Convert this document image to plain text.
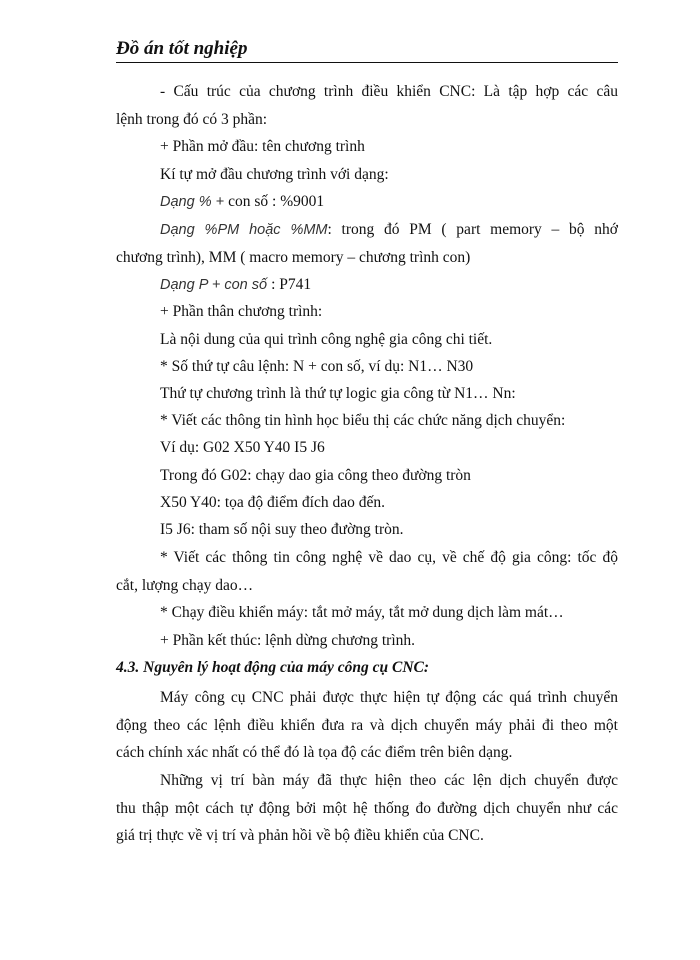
Đồ án tốt nghiệp
- Cấu trúc của chương trình điều khiển CNC: Là tập hợp các câu
lệnh trong đó có 3 phần:
+ Phần mở đầu: tên chương trình
Kí tự mở đầu chương trình với dạng:
Dạng % + con số : %9001
Dạng %PM hoặc %MM: trong đó PM ( part memory – bộ nhớ
chương trình), MM ( macro memory – chương trình con)
Dạng P + con số : P741
+ Phần thân chương trình:
Là nội dung của qui trình công nghệ gia công chi tiết.
* Số thứ tự câu lệnh: N + con số, ví dụ: N1… N30
Thứ tự chương trình là thứ tự logic gia công từ N1… Nn:
* Viết các thông tin hình học biểu thị các chức năng dịch chuyển:
Ví dụ: G02 X50 Y40 I5 J6
Trong đó G02: chạy dao gia công theo đường tròn
X50 Y40: tọa độ điểm đích dao đến.
I5 J6: tham số nội suy theo đường tròn.
* Viết các thông tin công nghệ về dao cụ, về chế độ gia công: tốc độ
cắt, lượng chạy dao…
* Chạy điều khiển máy: tắt mở máy, tắt mở dung dịch làm mát…
+ Phần kết thúc: lệnh dừng chương trình.
4.3. Nguyên lý hoạt động của máy công cụ CNC:
Máy công cụ CNC phải được thực hiện tự động các quá trình chuyển
động theo các lệnh điều khiển đưa ra và dịch chuyển máy phải đi theo một
cách chính xác nhất có thể đó là tọa độ các điểm trên biên dạng.
Những vị trí bàn máy đã thực hiện theo các lện dịch chuyển được
thu thập một cách tự động bởi một hệ thống đo đường dịch chuyển như các
giá trị thực về vị trí và phản hồi về bộ điều khiển của CNC.
